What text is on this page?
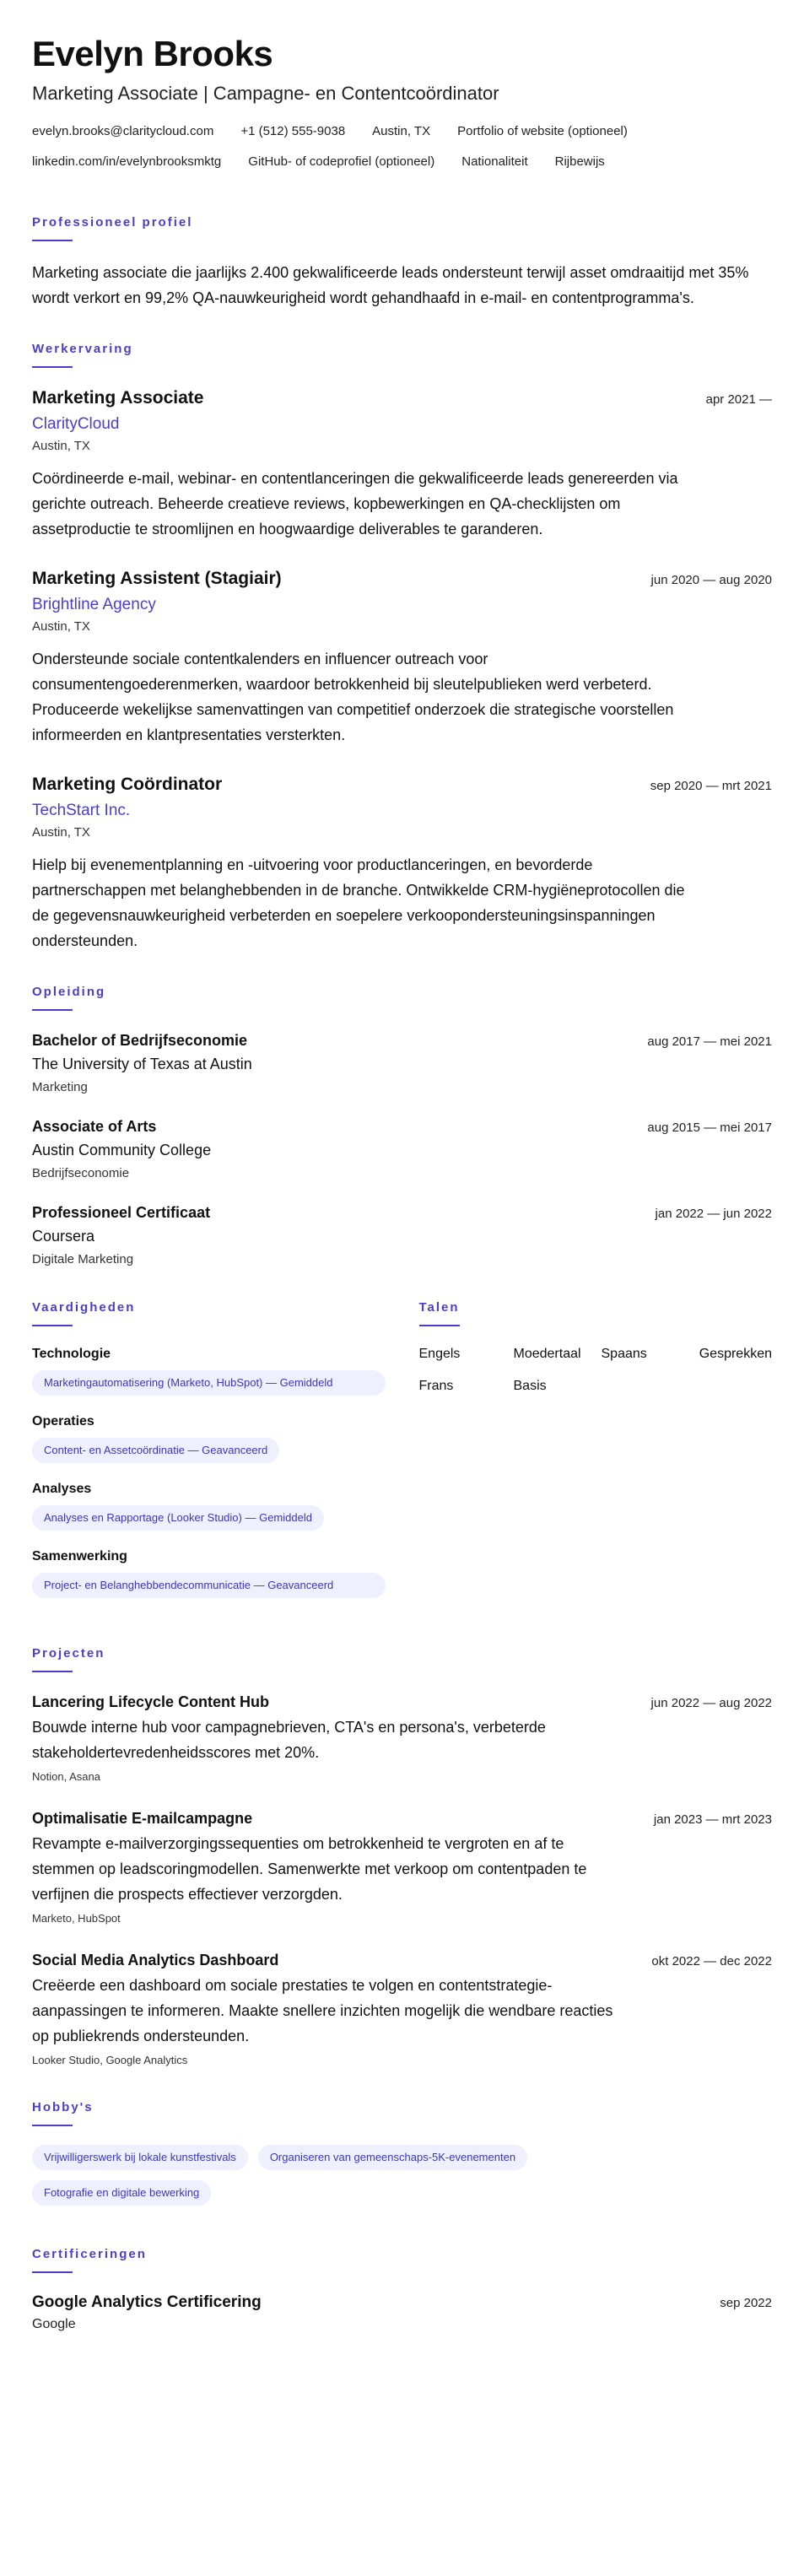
Evelyn Brooks
Marketing Associate | Campagne- en Contentcoördinator
evelyn.brooks@claritycloud.com +1 (512) 555-9038 Austin, TX Portfolio of website (optioneel)
linkedin.com/in/evelynbrooksmktg GitHub- of codeprofiel (optioneel) Nationaliteit Rijbewijs
Professioneel profiel
Marketing associate die jaarlijks 2.400 gekwalificeerde leads ondersteunt terwijl asset omdraaitijd met 35% wordt verkort en 99,2% QA-nauwkeurigheid wordt gehandhaafd in e-mail- en contentprogramma's.
Werkervaring
Marketing Associate	apr 2021 —
ClarityCloud
Austin, TX
Coördineerde e-mail, webinar- en contentlanceringen die gekwalificeerde leads genereerden via gerichte outreach. Beheerde creatieve reviews, kopbewerkingen en QA-checklijsten om assetproductie te stroomlijnen en hoogwaardige deliverables te garanderen.
Marketing Assistent (Stagiair)	jun 2020 — aug 2020
Brightline Agency
Austin, TX
Ondersteunde sociale contentkalenders en influencer outreach voor consumentengoederenmerken, waardoor betrokkenheid bij sleutelpublieken werd verbeterd. Produceerde wekelijkse samenvattingen van competitief onderzoek die strategische voorstellen informeerden en klantpresentaties versterkten.
Marketing Coördinator	sep 2020 — mrt 2021
TechStart Inc.
Austin, TX
Hielp bij evenementplanning en -uitvoering voor productlanceringen, en bevorderde partnerschappen met belanghebbenden in de branche. Ontwikkelde CRM-hygiëneprotocollen die de gegevensnauwkeurigheid verbeterden en soepelere verkoopondersteuningsinspanningen ondersteunden.
Opleiding
Bachelor of Bedrijfseconomie	aug 2017 — mei 2021
The University of Texas at Austin
Marketing
Associate of Arts	aug 2015 — mei 2017
Austin Community College
Bedrijfseconomie
Professioneel Certificaat	jan 2022 — jun 2022
Coursera
Digitale Marketing
Vaardigheden
Technologie
Marketingautomatisering (Marketo, HubSpot) — Gemiddeld
Operaties
Content- en Assetcoördinatie — Geavanceerd
Analyses
Analyses en Rapportage (Looker Studio) — Gemiddeld
Samenwerking
Project- en Belanghebbendecommunicatie — Geavanceerd
Talen
Engels	Moedertaal	Spaans	Gesprekken
Frans	Basis
Projecten
Lancering Lifecycle Content Hub	jun 2022 — aug 2022
Bouwde interne hub voor campagnebrieven, CTA's en persona's, verbeterde stakeholdertevredenheidsscores met 20%.
Notion, Asana
Optimalisatie E-mailcampagne	jan 2023 — mrt 2023
Revampte e-mailverzorgingssequenties om betrokkenheid te vergroten en af te stemmen op leadscoringmodellen. Samenwerkte met verkoop om contentpaden te verfijnen die prospects effectiever verzorgden.
Marketo, HubSpot
Social Media Analytics Dashboard	okt 2022 — dec 2022
Creëerde een dashboard om sociale prestaties te volgen en contentstrategie-aanpassingen te informeren. Maakte snellere inzichten mogelijk die wendbare reacties op publiekrends ondersteunden.
Looker Studio, Google Analytics
Hobby's
Vrijwilligerswerk bij lokale kunstfestivals	Organiseren van gemeenschaps-5K-evenementen
Fotografie en digitale bewerking
Certificeringen
Google Analytics Certificering	sep 2022
Google
